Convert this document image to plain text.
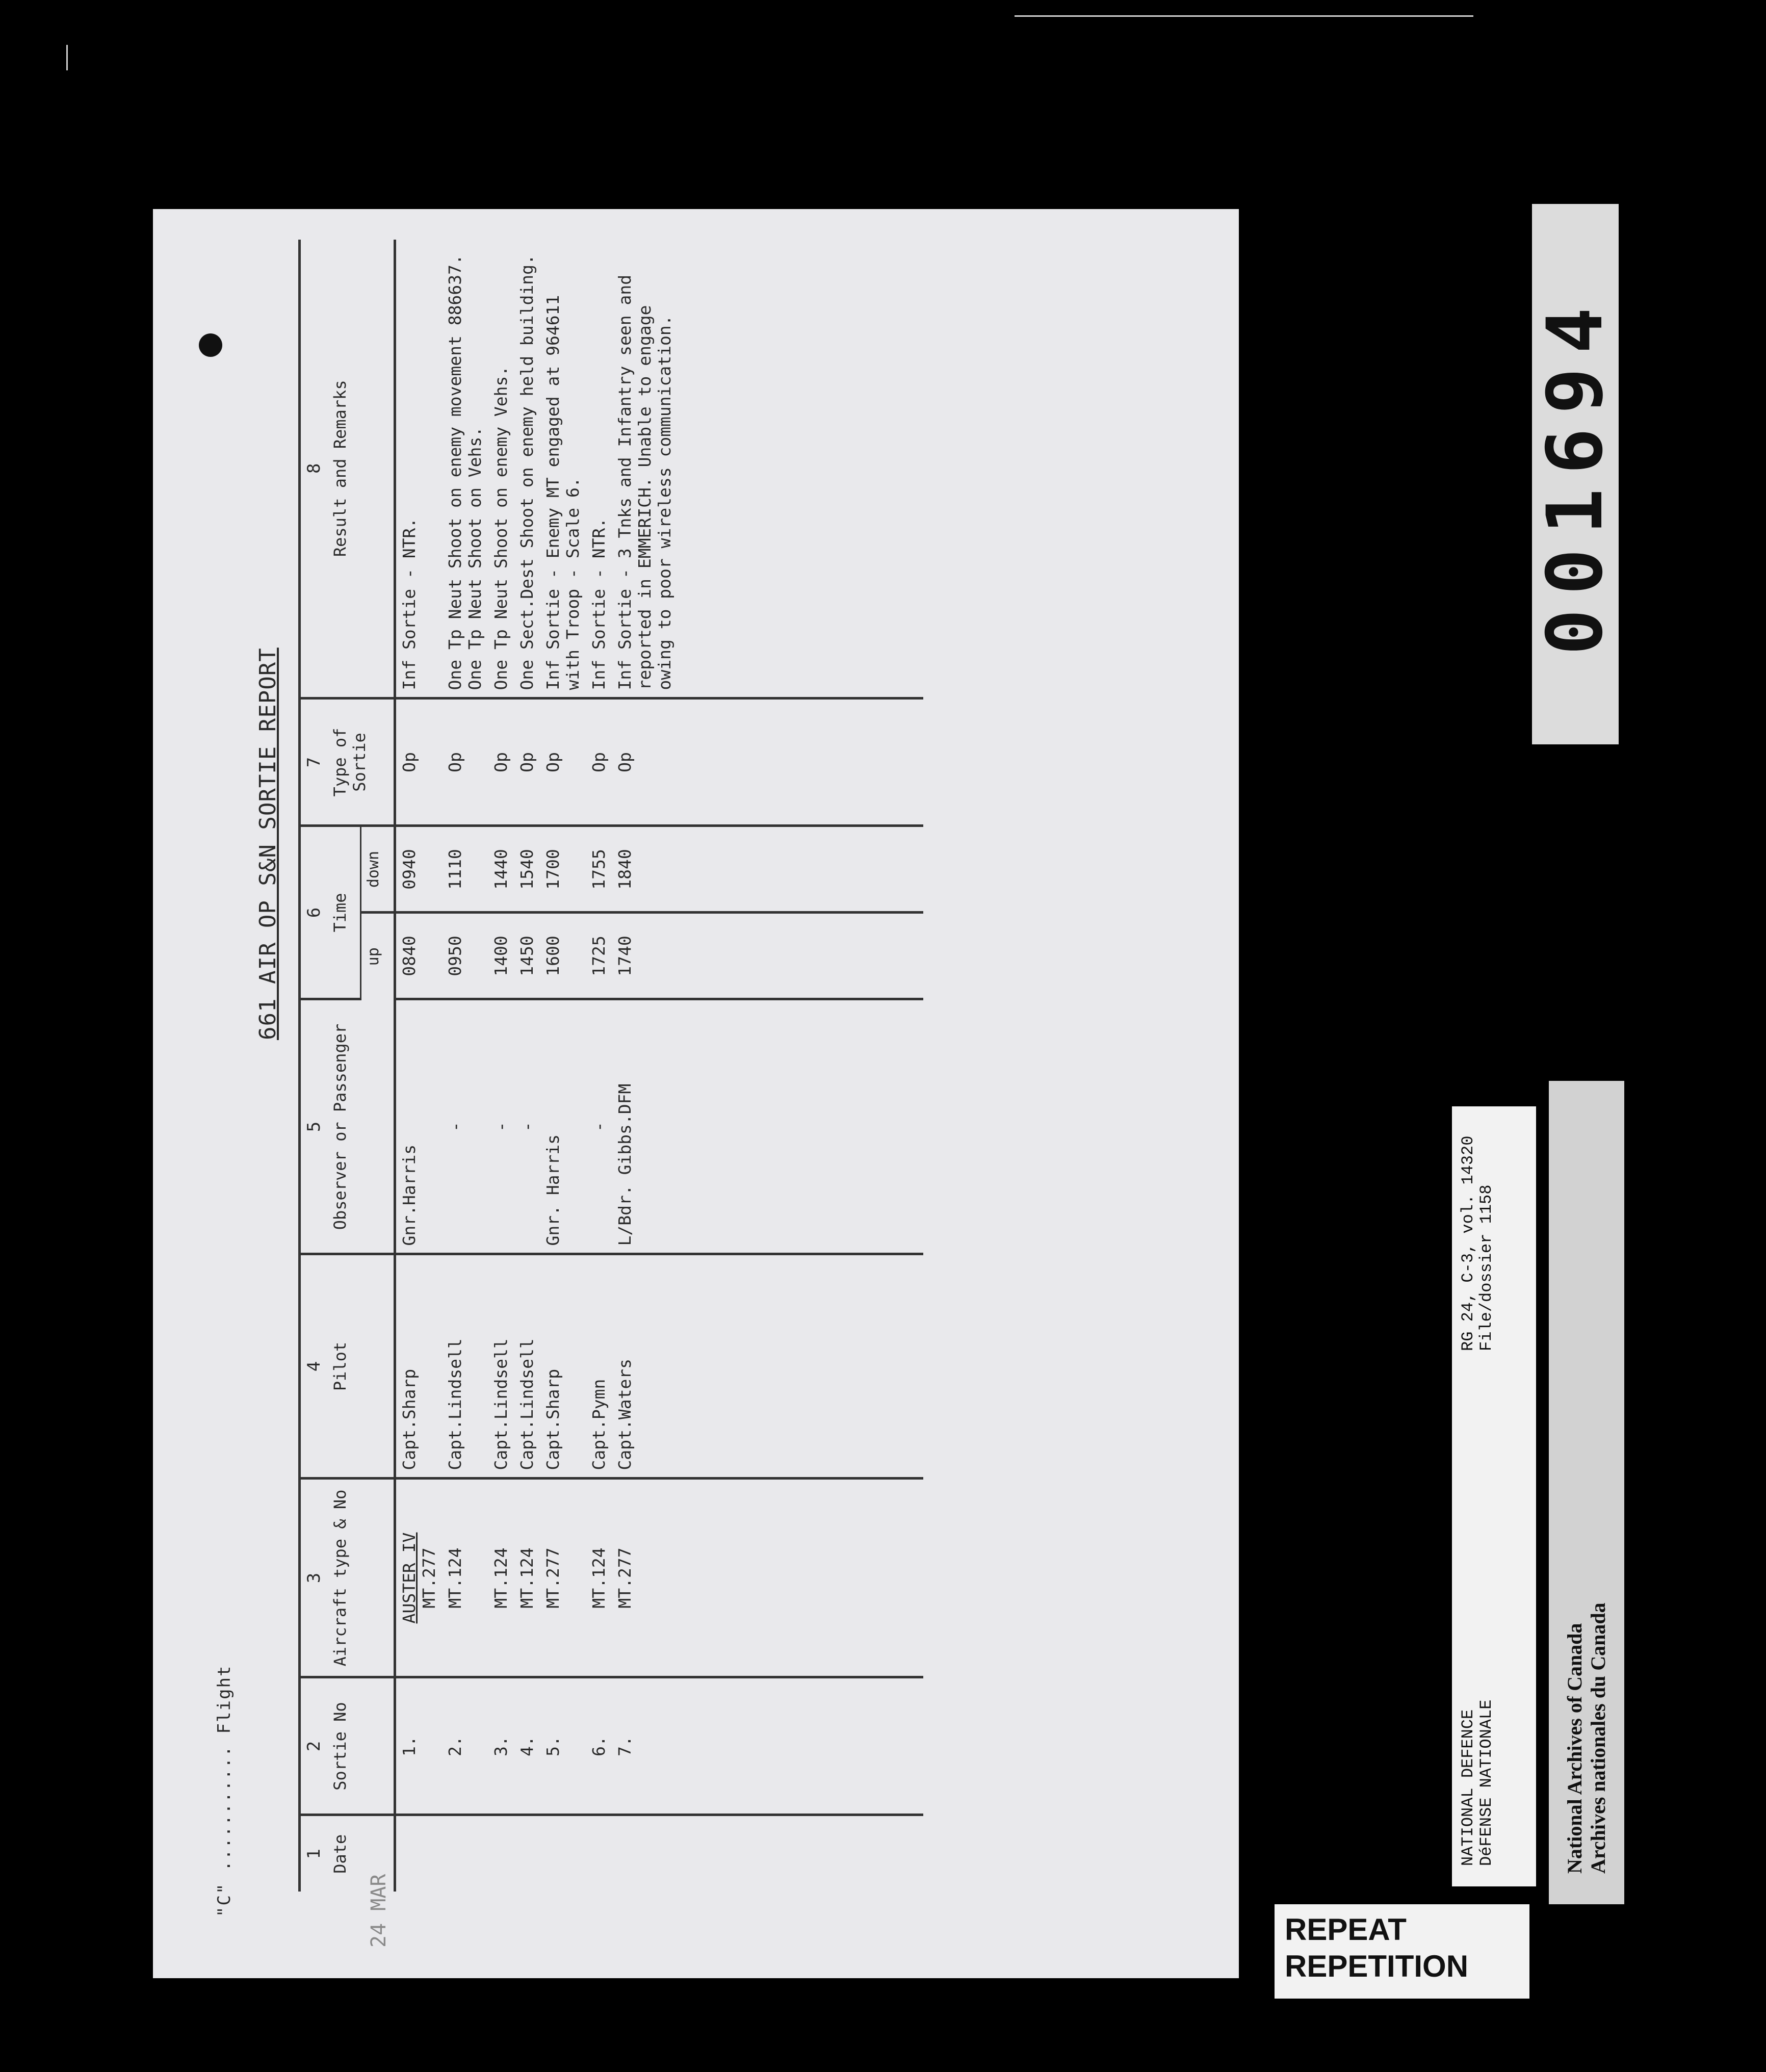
"C" ........... Flight
661 AIR OP S&N SORTIE REPORT
24 MAR
1	2	3	4	5	6		7	8
Date	Sortie No	Aircraft type & No	Pilot	Observer or Passenger	Time		Type of Sortie	Result and Remarks
					up	down		
	1.	AUSTER IV MT.277	Capt.Sharp	Gnr.Harris	0840	0940	Op	Inf Sortie - NTR.
	2.	MT.124	Capt.Lindsell	-	0950	1110	Op	One Tp Neut Shoot on enemy movement 886637. One Tp Neut Shoot on Vehs.
	3.	MT.124	Capt.Lindsell	-	1400	1440	Op	One Tp Neut Shoot on enemy Vehs.
	4.	MT.124	Capt.Lindsell	-	1450	1540	Op	One Sect.Dest Shoot on enemy held building.
	5.	MT.277	Capt.Sharp	Gnr. Harris	1600	1700	Op	Inf Sortie - Enemy MT engaged at 964611 with Troop - Scale 6.
	6.	MT.124	Capt.Pymn	-	1725	1755	Op	Inf Sortie - NTR.
	7.	MT.277	Capt.Waters	L/Bdr. Gibbs.DFM	1740	1840	Op	Inf Sortie - 3 Tnks and Infantry seen and reported in EMMERICH. Unable to engage owing to poor wireless communication.
									001694
NATIONAL DEFENCE DéFENSE NATIONALE
RG 24, C-3, vol. 14320 File/dossier 1158
National Archives of Canada Archives nationales du Canada
REPEAT
REPETITION
